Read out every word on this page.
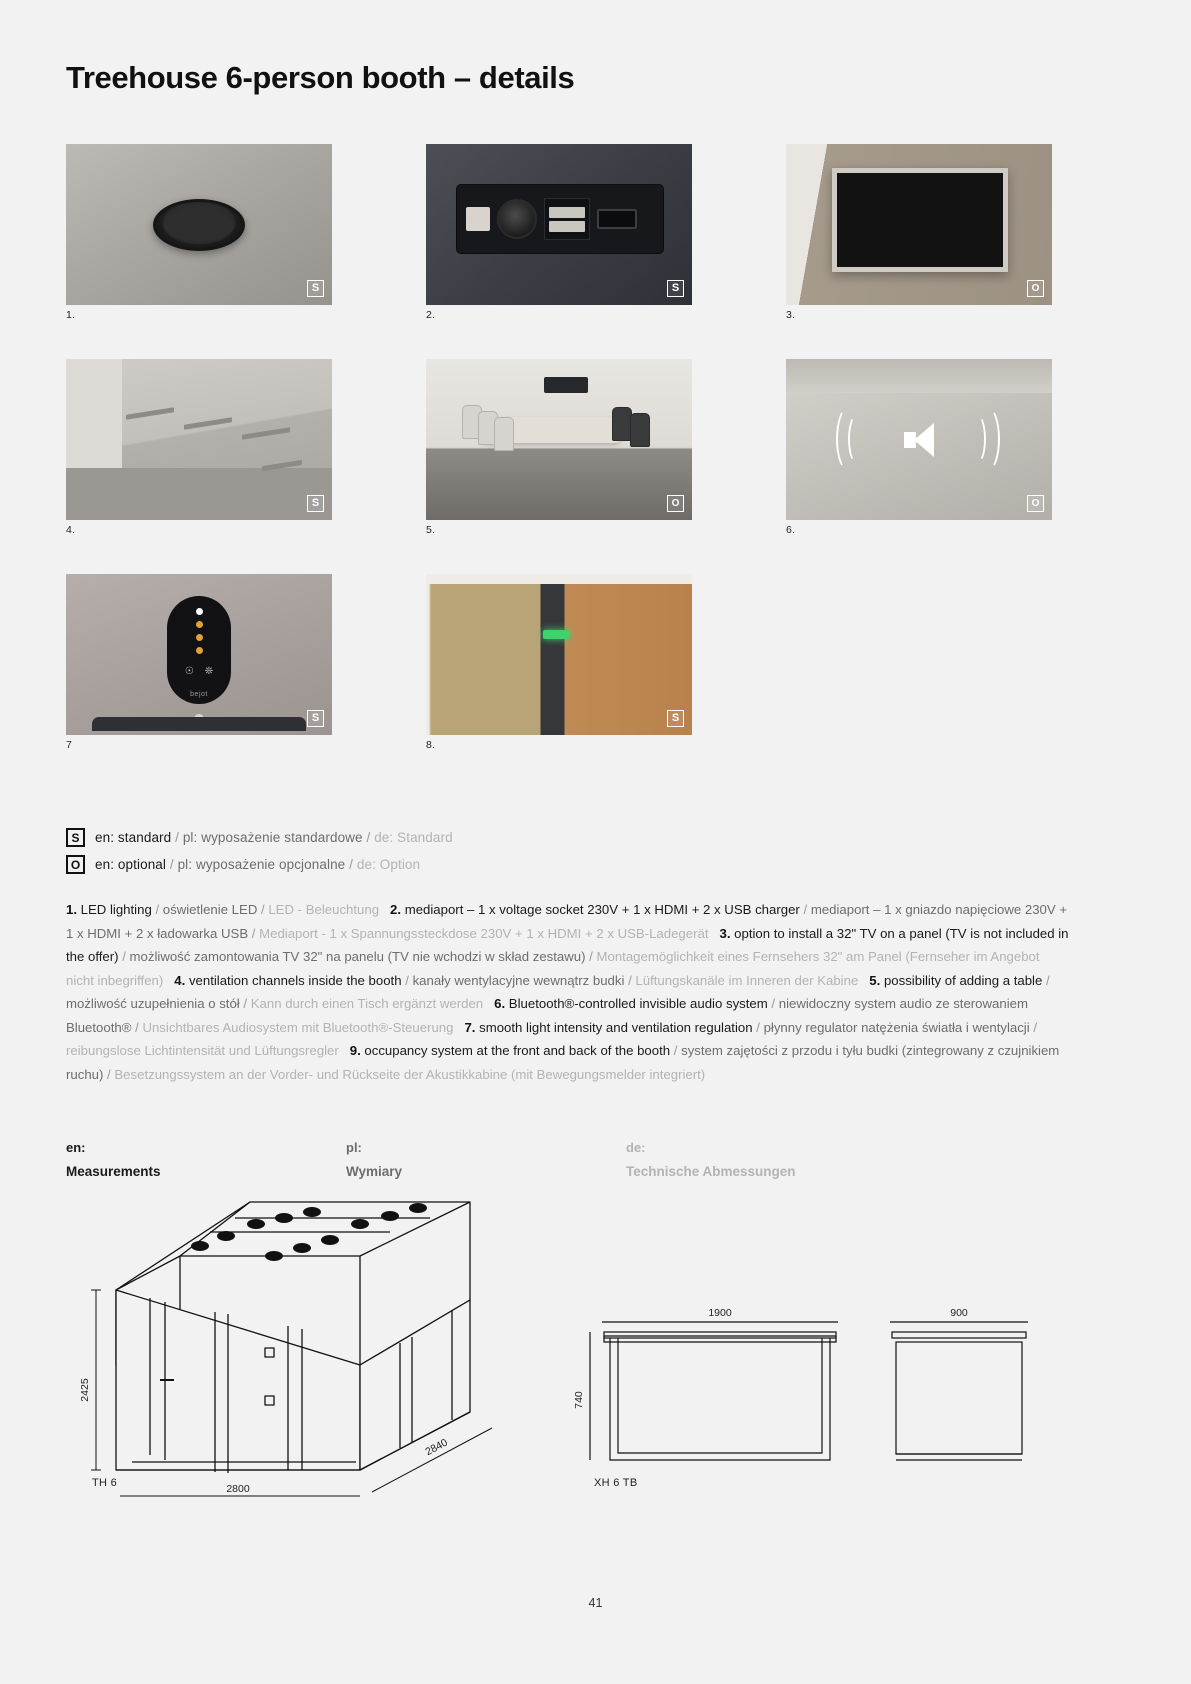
Treehouse 6-person booth – details
S
1.
S
2.
O
3.
S
4.
O
5.
O
6.
☉ ❊
bejot
S
7
S
8.
S	en: standard / pl: wyposażenie standardowe / de: Standard
O	en: optional / pl: wyposażenie opcjonalne / de: Option

1. LED lighting / oświetlenie LED / LED - Beleuchtung 2. mediaport – 1 x voltage socket 230V + 1 x HDMI + 2 x USB charger / mediaport – 1 x gniazdo napięciowe 230V + 1 x HDMI + 2 x ładowarka USB / Mediaport - 1 x Spannungssteckdose 230V + 1 x HDMI + 2 x USB-Ladegerät 3. option to install a 32" TV on a panel (TV is not included in the offer) / możliwość zamontowania TV 32" na panelu (TV nie wchodzi w skład zestawu) / Montagemöglichkeit eines Fernsehers 32" am Panel (Fernseher im Angebot nicht inbegriffen) 4. ventilation channels inside the booth / kanały wentylacyjne wewnątrz budki / Lüftungskanäle im Inneren der Kabine 5. possibility of adding a table / możliwość uzupełnienia o stół / Kann durch einen Tisch ergänzt werden 6. Bluetooth®-controlled invisible audio system / niewidoczny system audio ze sterowaniem Bluetooth® / Unsichtbares Audiosystem mit Bluetooth®-Steuerung 7. smooth light intensity and ventilation regulation / płynny regulator natężenia światła i wentylacji / reibungslose Lichtintensität und Lüftungsregler 9. occupancy system at the front and back of the booth / system zajętości z przodu i tyłu budki (zintegrowany z czujnikiem ruchu) / Besetzungssystem an der Vorder- und Rückseite der Akustikkabine (mit Bewegungsmelder integriert)

en:
Measurements
pl:
Wymiary
de:
Technische Abmessungen
2425
2800
2840
TH 6
1900	900
740
XH 6 TB
41
